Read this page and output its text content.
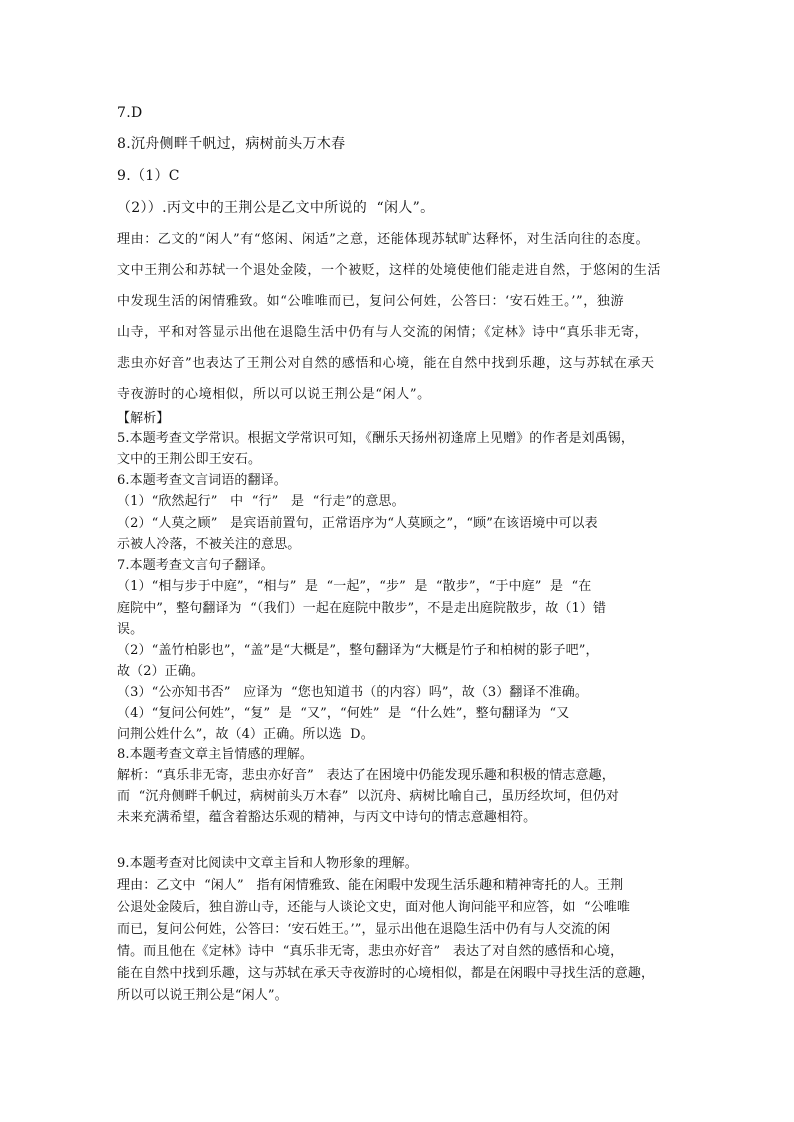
7.D

8.沉舟侧畔千帆过，病树前头万木春

9.（1）C

（2））.丙文中的王荆公是乙文中所说的  “闲人”。

理由：乙文的“闲人”有“悠闲、闲适”之意，还能体现苏轼旷达释怀，对生活向往的态度。

文中王荆公和苏轼一个退处金陵，一个被贬，这样的处境使他们能走进自然，于悠闲的生活

中发现生活的闲情雅致。如“公唯唯而已，复问公何姓，公答曰：‘安石姓王。’”，独游

山寺，平和对答显示出他在退隐生活中仍有与人交流的闲情；《定林》诗中“真乐非无寄，

悲虫亦好音”也表达了王荆公对自然的感悟和心境，能在自然中找到乐趣，这与苏轼在承天

寺夜游时的心境相似，所以可以说王荆公是“闲人”。

【解析】

5.本题考查文学常识。根据文学常识可知，《酬乐天扬州初逢席上见赠》的作者是刘禹锡，

文中的王荆公即王安石。

6.本题考查文言词语的翻译。

（1）“欣然起行”   中  “行”   是  “行走”的意思。

（2）“人莫之顾”   是宾语前置句，正常语序为“人莫顾之”，“顾”在该语境中可以表

示被人冷落，不被关注的意思。

7.本题考查文言句子翻译。

（1）“相与步于中庭”，“相与”  是  “一起”，“步”  是  “散步”，“于中庭”  是  “在

庭院中”，整句翻译为  “（我们）一起在庭院中散步”，不是走出庭院散步，故（1）错

误。

（2）“盖竹柏影也”，“盖”是“大概是”，整句翻译为“大概是竹子和柏树的影子吧”，

故（2）正确。

（3）“公亦知书否”   应译为  “您也知道书（的内容）吗”，故（3）翻译不准确。

（4）“复问公何姓”，“复”  是  “又”，“何姓”  是  “什么姓”，整句翻译为  “又

问荆公姓什么”，故（4）正确。所以选  D。

8.本题考查文章主旨情感的理解。

解析：“真乐非无寄，悲虫亦好音”   表达了在困境中仍能发现乐趣和积极的情志意趣，

而  “沉舟侧畔千帆过，病树前头万木春”  以沉舟、病树比喻自己，虽历经坎坷，但仍对

未来充满希望，蕴含着豁达乐观的精神，与丙文中诗句的情志意趣相符。

9.本题考查对比阅读中文章主旨和人物形象的理解。

理由：乙文中  “闲人”   指有闲情雅致、能在闲暇中发现生活乐趣和精神寄托的人。王荆

公退处金陵后，独自游山寺，还能与人谈论文史，面对他人询问能平和应答，如  “公唯唯

而已，复问公何姓，公答曰：‘安石姓王。’”，显示出他在退隐生活中仍有与人交流的闲

情。而且他在《定林》诗中  “真乐非无寄，悲虫亦好音”   表达了对自然的感悟和心境，

能在自然中找到乐趣，这与苏轼在承天寺夜游时的心境相似，都是在闲暇中寻找生活的意趣，

所以可以说王荆公是“闲人”。
